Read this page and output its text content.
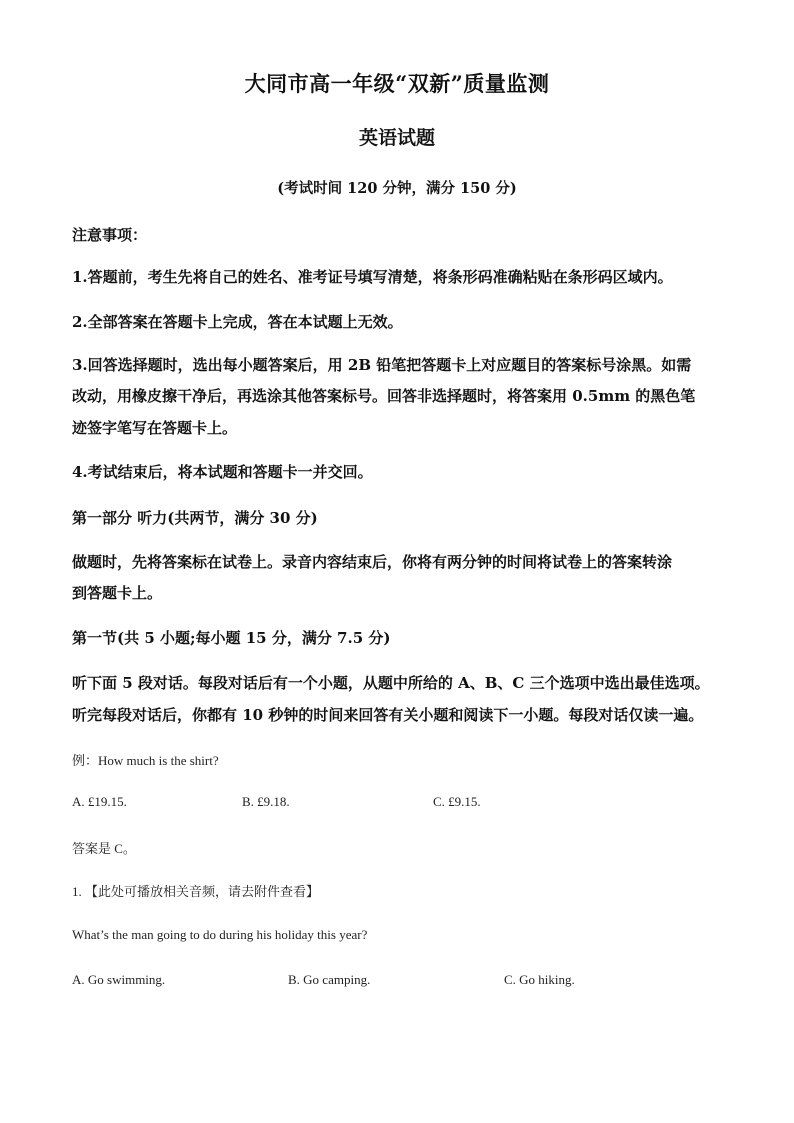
大同市高一年级“双新”质量监测
英语试题
(考试时间 120 分钟，满分 150 分)
注意事项：
1.答题前，考生先将自己的姓名、准考证号填写清楚，将条形码准确粘贴在条形码区域内。
2.全部答案在答题卡上完成，答在本试题上无效。
3.回答选择题时，选出每小题答案后，用 2B 铅笔把答题卡上对应题目的答案标号涂黑。如需
改动，用橡皮擦干净后，再选涂其他答案标号。回答非选择题时，将答案用 0.5mm 的黑色笔
迹签字笔写在答题卡上。
4.考试结束后，将本试题和答题卡一并交回。
第一部分 听力(共两节，满分 30 分)
做题时，先将答案标在试卷上。录音内容结束后，你将有两分钟的时间将试卷上的答案转涂
到答题卡上。
第一节(共 5 小题;每小题 15 分，满分 7.5 分)
听下面 5 段对话。每段对话后有一个小题，从题中所给的 A、B、C 三个选项中选出最佳选项。
听完每段对话后，你都有 10 秒钟的时间来回答有关小题和阅读下一小题。每段对话仅读一遍。
例：How much is the shirt?
A. £19.15.	B. £9.18.	C. £9.15.
答案是 C。
1. 【此处可播放相关音频，请去附件查看】
What’s the man going to do during his holiday this year?
A. Go swimming.	B. Go camping.	C. Go hiking.
